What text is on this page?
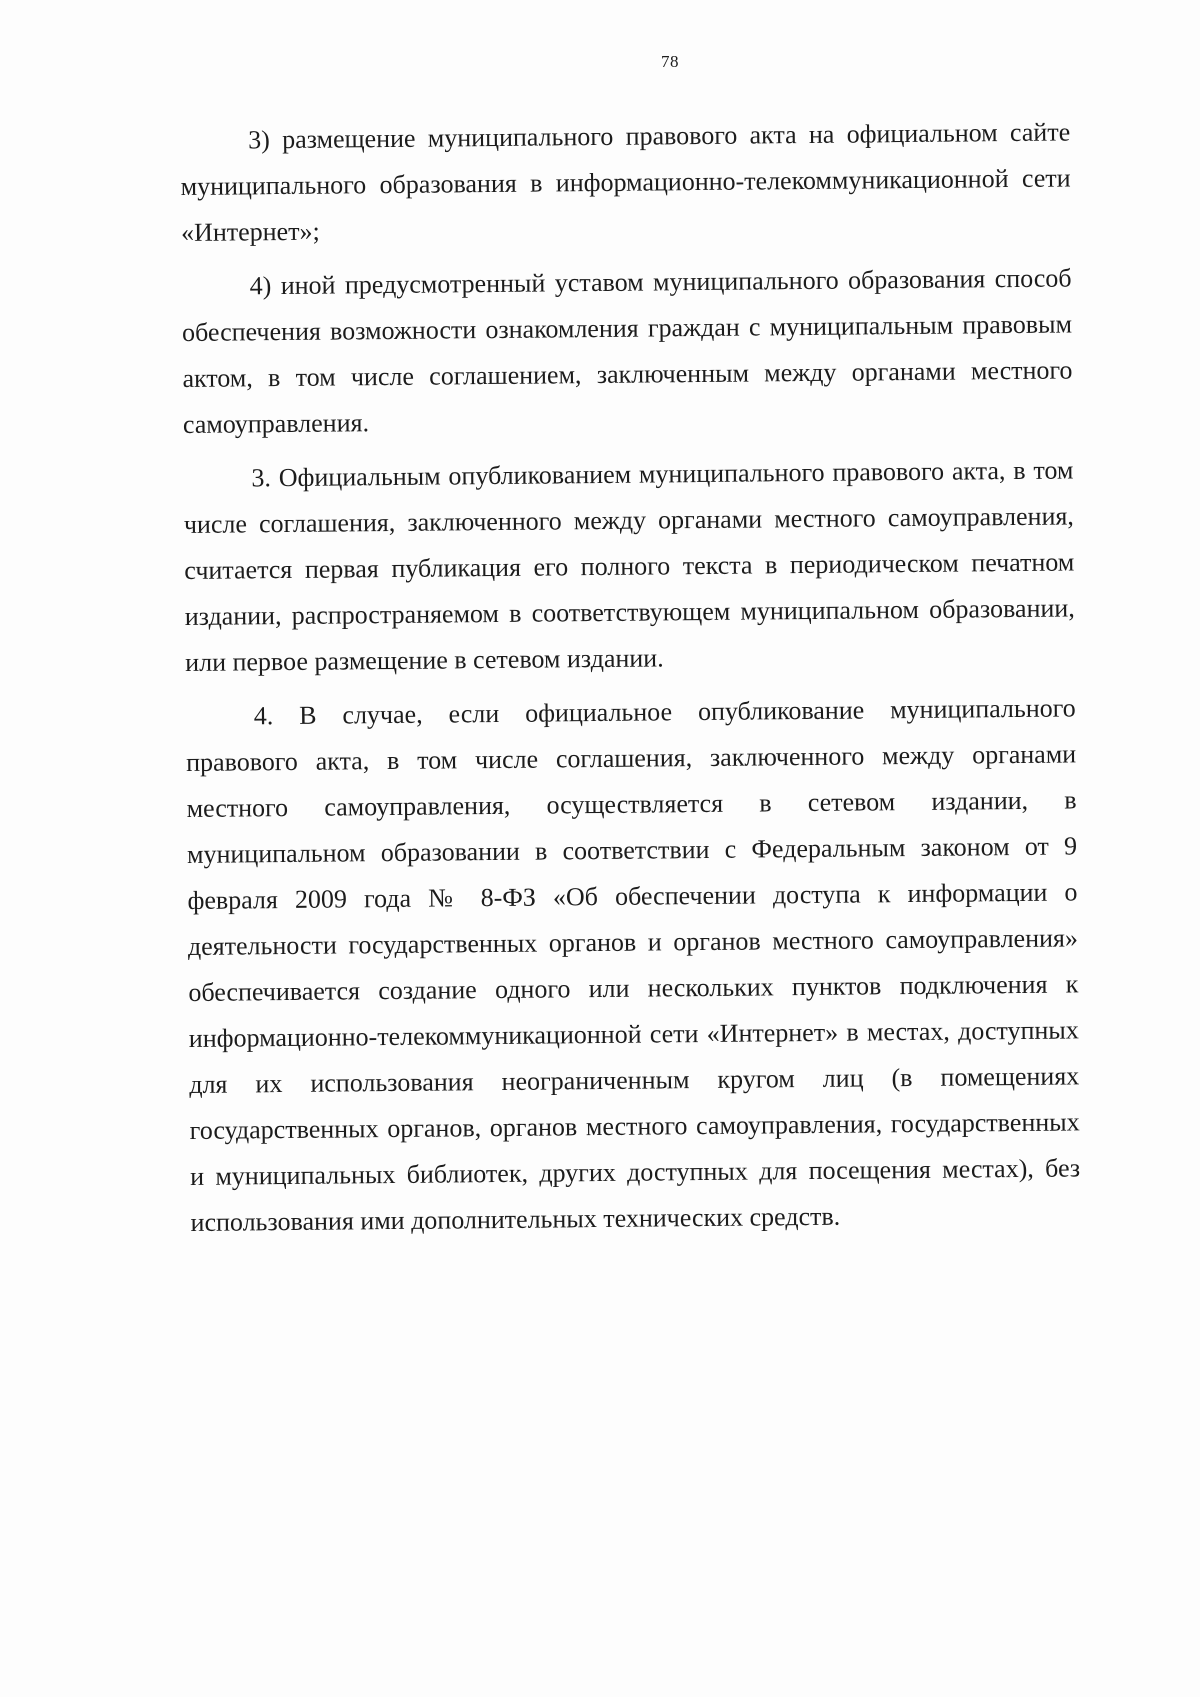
78

3) размещение муниципального правового акта на официальном сайте муниципального образования в информационно-телекоммуникационной сети «Интернет»;

4) иной предусмотренный уставом муниципального образования способ обеспечения возможности ознакомления граждан с муниципальным правовым актом, в том числе соглашением, заключенным между органами местного самоуправления.

3. Официальным опубликованием муниципального правового акта, в том числе соглашения, заключенного между органами местного самоуправления, считается первая публикация его полного текста в периодическом печатном издании, распространяемом в соответствующем муниципальном образовании, или первое размещение в сетевом издании.

4. В случае, если официальное опубликование муниципального правового акта, в том числе соглашения, заключенного между органами местного самоуправления, осуществляется в сетевом издании, в муниципальном образовании в соответствии с Федеральным законом от 9 февраля 2009 года № 8-ФЗ «Об обеспечении доступа к информации о деятельности государственных органов и органов местного самоуправления» обеспечивается создание одного или нескольких пунктов подключения к информационно-телекоммуникационной сети «Интернет» в местах, доступных для их использования неограниченным кругом лиц (в помещениях государственных органов, органов местного самоуправления, государственных и муниципальных библиотек, других доступных для посещения местах), без использования ими дополнительных технических средств.
